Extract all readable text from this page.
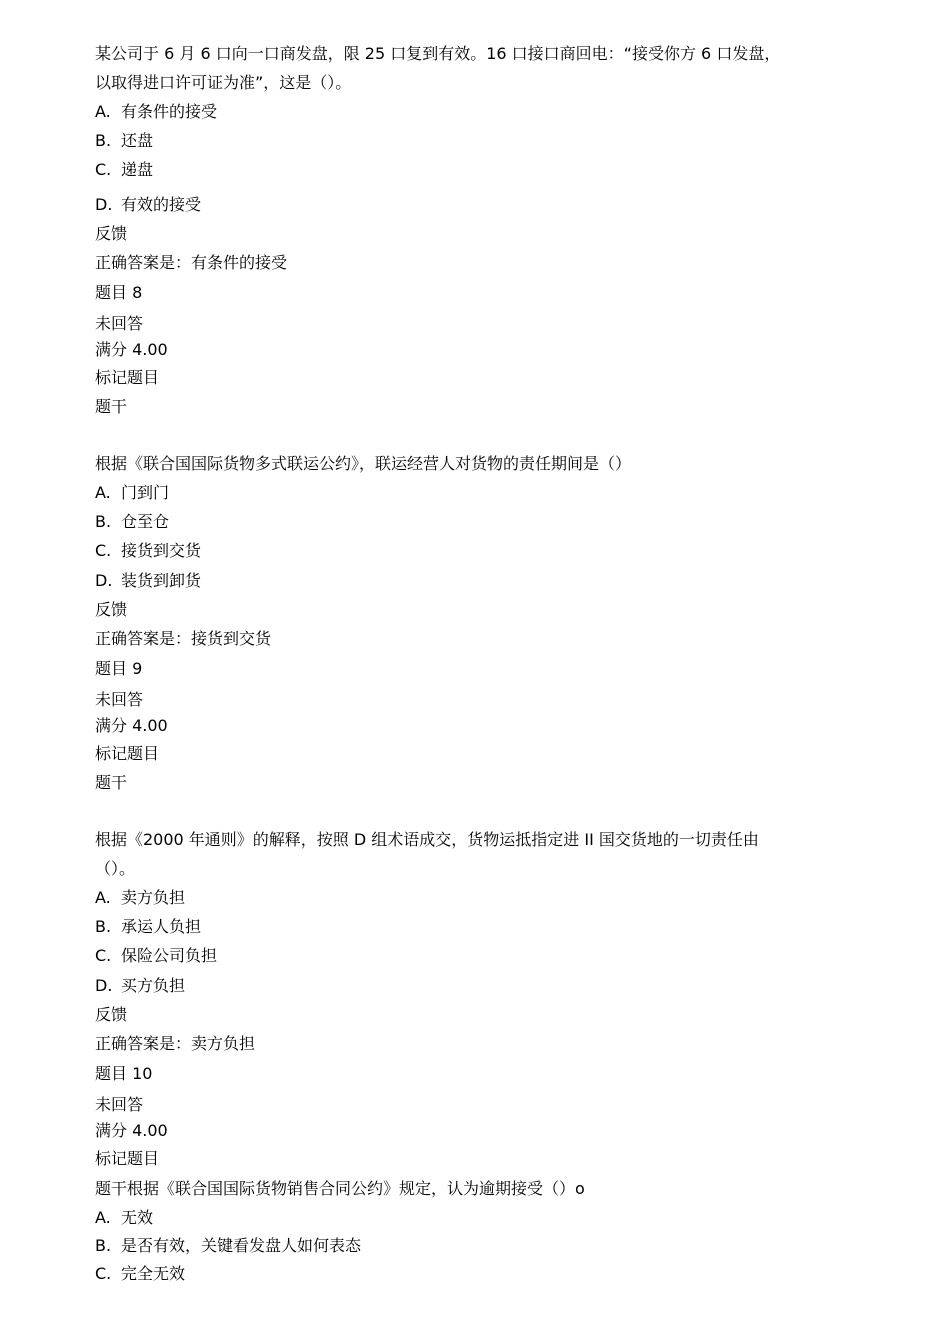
某公司于 6 月 6 口向一口商发盘，限 25 口复到有效。16 口接口商回电：“接受你方 6 口发盘，
以取得进口许可证为准”，这是（）。
A. 有条件的接受
B. 还盘
C. 递盘
D. 有效的接受
反馈
正确答案是：有条件的接受
题目 8
未回答
满分 4.00
标记题目
题干
根据《联合国国际货物多式联运公约》，联运经营人对货物的责任期间是（）
A. 门到门
B. 仓至仓
C. 接货到交货
D. 装货到卸货
反馈
正确答案是：接货到交货
题目 9
未回答
满分 4.00
标记题目
题干
根据《2000 年通则》的解释，按照 D 组术语成交，货物运抵指定进 II 国交货地的一切责任由
（）。
A. 卖方负担
B. 承运人负担
C. 保险公司负担
D. 买方负担
反馈
正确答案是：卖方负担
题目 10
未回答
满分 4.00
标记题目
题干根据《联合国国际货物销售合同公约》规定，认为逾期接受（）o
A. 无效
B. 是否有效，关键看发盘人如何表态
C. 完全无效
